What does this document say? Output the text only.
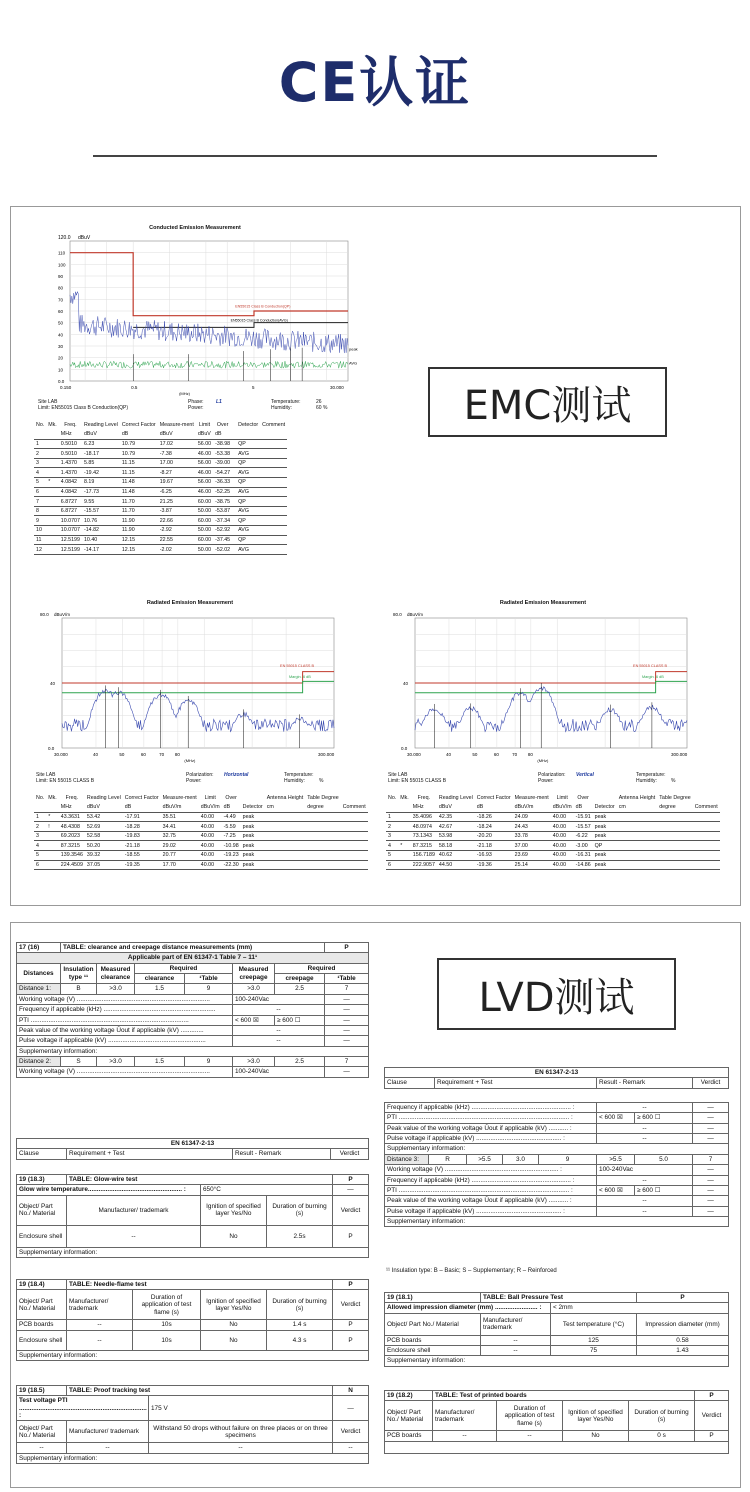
CE认证
Conducted Emission Measurement
120.0 dBuV
110
100
90
80
70
60
50
40
30
20
10
0.0
0.150	30.000
0.5	5
(MHz)
EN55015 Class B Conduction(QP)
EN55015 Class B Conduction(AVG)
peak
AVG
Site LAB	Phase:	L1	Temperature:	26
Limit: EN55015 Class B Conduction(QP)	Power:	Humidity:	60 %
No.	Mk.	Freq.	Reading Level	Correct Factor	Measure-ment	Limit	Over		Detector	Comment
		MHz	dBuV	dB	dBuV	dBuV	dB			
1		0.5010	6.23	10.79	17.02	56.00	-38.98		QP	
2		0.5010	-18.17	10.79	-7.38	46.00	-53.38		AVG	
3		1.4370	5.85	11.15	17.00	56.00	-39.00		QP	
4		1.4370	-19.42	11.15	-8.27	46.00	-54.27		AVG	
5	*	4.0842	8.19	11.48	19.67	56.00	-36.33		QP	
6		4.0842	-17.73	11.48	-6.25	46.00	-52.25		AVG	
7		6.8727	9.55	11.70	21.25	60.00	-38.75		QP	
8		6.8727	-15.57	11.70	-3.87	50.00	-53.87		AVG	
9		10.0707	10.76	11.90	22.66	60.00	-37.34		QP	
10		10.0707	-14.82	11.90	-2.92	50.00	-52.92		AVG	
11		12.5199	10.40	12.15	22.55	60.00	-37.45		QP	
12		12.5199	-14.17	12.15	-2.02	50.00	-52.02		AVG	
EMC测试
Radiated Emission Measurement
80.0 dBuV/m
40
0.0
30.000	300.000
40	50	60	70 80
(MHz)
EN 55015 CLASS B
Margin -6 dB
Site LAB	Polarization:	Horizontal	Temperature:
Limit: EN 55015 CLASS B	Power:	Humidity:	%
No.	Mk.	Freq.	Reading Level	Correct Factor	Measure-ment	Limit	Over		Antenna Height	Table Degree	
		MHz	dBuV	dB	dBuV/m	dBuV/m	dB	Detector	cm	degree	Comment
1	*	43.3631	53.42	-17.91	35.51	40.00	-4.49	peak			
2	!	48.4308	52.69	-18.28	34.41	40.00	-5.59	peak			
3		69.2023	52.58	-19.83	32.75	40.00	-7.25	peak			
4		87.3215	50.20	-21.18	29.02	40.00	-10.98	peak			
5		139.3546	39.32	-18.55	20.77	40.00	-19.23	peak			
6		224.4509	37.05	-19.35	17.70	40.00	-22.30	peak			
Radiated Emission Measurement
80.0 dBuV/m
40
0.0
30.000	300.000
40	50	60	70 80
(MHz)
EN 55015 CLASS B
Margin -6 dB
Site LAB	Polarization:	Vertical	Temperature:
Limit: EN 55015 CLASS B	Power:	Humidity:	%
No.	Mk.	Freq.	Reading Level	Correct Factor	Measure-ment	Limit	Over		Antenna Height	Table Degree	
		MHz	dBuV	dB	dBuV/m	dBuV/m	dB	Detector	cm	degree	Comment
1		35.4096	42.35	-18.26	24.09	40.00	-15.91	peak			
2		48.0974	42.67	-18.24	24.43	40.00	-15.57	peak			
3		73.1343	53.98	-20.20	33.78	40.00	-6.22	peak			
4	*	87.3215	58.18	-21.18	37.00	40.00	-3.00	QP			
5		156.7189	40.62	-16.93	23.69	40.00	-16.31	peak			
6		222.9057	44.50	-19.36	25.14	40.00	-14.86	peak			
LVD测试
17 (16)	TABLE: clearance and creepage distance measurements (mm)						P
Applicable part of EN 61347-1 Table 7 – 11¹							
Distances	Insulation type ¹¹	Measured clearance	Required		Measured creepage	Required	
			clearance	¹Table		creepage	¹Table
Distance 1:	B	>3.0	1.5	9	>3.0	2.5	7
Working voltage (V) ...........................................................................					100-240Vac		—
Frequency if applicable (kHz) ...............................................................					--		—
PTI .........................................................................................					< 600 ☒	≥ 600 ☐	—
Peak value of the working voltage Ûout if applicable (kV) .............					--		—
Pulse voltage if applicable (kV) .......................................................					--		—
Supplementary information:							
Distance 2:	S	>3.0	1.5	9	>3.0	2.5	7
Working voltage (V) ...........................................................................					100-240Vac		—
EN 61347-2-13
Clause	Requirement + Test	Result - Remark	Verdict
19 (18.3)	TABLE: Glow-wire test			P
Glow wire temperature..................................................... :		650°C		—
Object/ Part No./ Material	Manufacturer/ trademark	Ignition of specified layer Yes/No	Duration of burning (s)	Verdict
Enclosure shell	--	No	2.5s	P
Supplementary information:				
19 (18.4)	TABLE: Needle-flame test				P
Object/ Part No./ Material	Manufacturer/ trademark	Duration of application of test flame (s)	Ignition of specified layer Yes/No	Duration of burning (s)	Verdict
PCB boards	--	10s	No	1.4 s	P
Enclosure shell	--	10s	No	4.3 s	P
Supplementary information:					
19 (18.5)	TABLE: Proof tracking test		N
Test voltage PTI ........................................................................ :		175 V	—
Object/ Part No./ Material	Manufacturer/ trademark	Withstand 50 drops without failure on three places or on three specimens	Verdict
--	--	--	--
Supplementary information:			
EN 61347-2-13
Clause	Requirement + Test	Result - Remark	Verdict
Frequency if applicable (kHz) ........................................................ :					--		—
PTI ................................................................................................ :					< 600 ☒	≥ 600 ☐	—
Peak value of the working voltage Ûout if applicable (kV) ........... :					--		—
Pulse voltage if applicable (kV) ................................................ :					--		—
Supplementary information:							
Distance 3:	R	>5.5	3.0	9	>5.5	5.0	7
Working voltage (V) ................................................................ :					100-240Vac		—
Frequency if applicable (kHz) ........................................................ :					--		—
PTI ................................................................................................ :					< 600 ☒	≥ 600 ☐	—
Peak value of the working voltage Ûout if applicable (kV) ........... :					--		—
Pulse voltage if applicable (kV) ................................................ :					--		—
Supplementary information:							
¹¹ Insulation type: B – Basic; S – Supplementary; R – Reinforced
19 (18.1)	TABLE: Ball Pressure Test		P
Allowed impression diameter (mm) ........................ :		< 2mm	
Object/ Part No./ Material	Manufacturer/ trademark	Test temperature (°C)	Impression diameter (mm)
PCB boards	--	125	0.58
Enclosure shell	--	75	1.43
Supplementary information:			
19 (18.2)	TABLE: Test of printed boards				P
Object/ Part No./ Material	Manufacturer/ trademark	Duration of application of test flame (s)	Ignition of specified layer Yes/No	Duration of burning (s)	Verdict
PCB boards	--	--	No	0 s	P
